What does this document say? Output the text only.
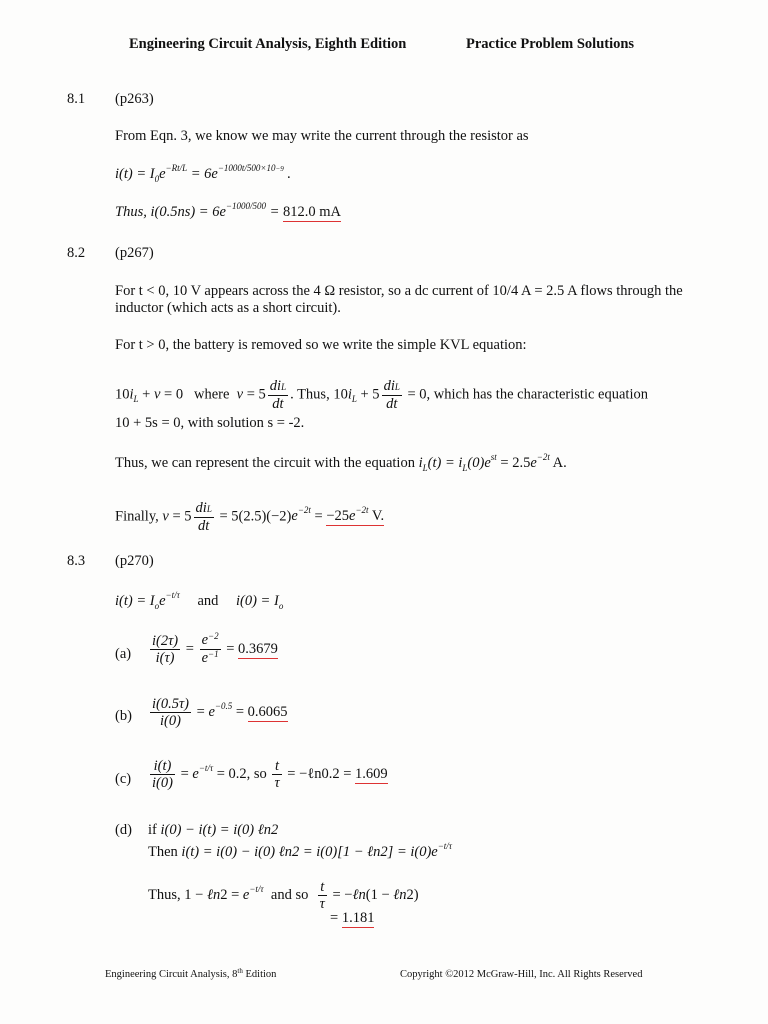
Engineering Circuit Analysis, Eighth Edition	Practice Problem Solutions
8.1 (p263)
From Eqn. 3, we know we may write the current through the resistor as
$i(t) = I_0e^{-Rt/L} = 6e^{-1000t/500\times 10-9}$ .
Thus, $i(0.5ns) = 6e^{-1000/500} = 812.0$ mA
8.2 (p267)
For t < 0, 10 V appears across the 4 Ω resistor, so a dc current of 10/4 A = 2.5 A flows through the inductor (which acts as a short circuit).
For t > 0, the battery is removed so we write the simple KVL equation:
$10i_L + v = 0$   where  $v = 5 \frac{\text{diL}}{dt}$ . Thus, $10i_L + 5 \frac{\text{diL}}{dt} = 0$, which has the characteristic equation
10 + 5s = 0, with solution s = -2.
Thus, we can represent the circuit with the equation $i_L(t) = i_L(0)e^{st} = 2.5e^{-2t}$ A.
Finally, $v = 5 \frac{\text{diL}}{dt} = 5(2.5)(-2)e^{-2t} = -25e^{-2t}$ V.
8.3 (p270)
$i(t) = I_oe^{-t/\tau}$ and $i(0) = I_o$
$(a) \frac{i(2\tau)}{i(\tau)} = \frac{e^{-2}}{e^{-1}} = 0.3679$
$(b) \frac{i(0.5\tau)}{i(0)} = e^{-0.5} = 0.6065$
$(c) \frac{i(t)}{i(0)} = e^{-t/\tau} = 0.2$, so $\frac{t}{\tau}$ = −ℓn0.2 = 1.609
(d) if i(0) − i(t) = i(0) ℓn2
Then i(t) = i(0) − i(0) ℓn2 = i(0)[1 − ℓn2] = $i(0)e^{-t/\tau}$
Thus, 1 − ℓn2 = $e^{-t/\tau}$ and so $\frac{t}{\tau}$ = −ℓn(1 − ℓn2)
= 1.181
Engineering Circuit Analysis, 8th Edition	Copyright ©2012 McGraw-Hill, Inc. All Rights Reserved
